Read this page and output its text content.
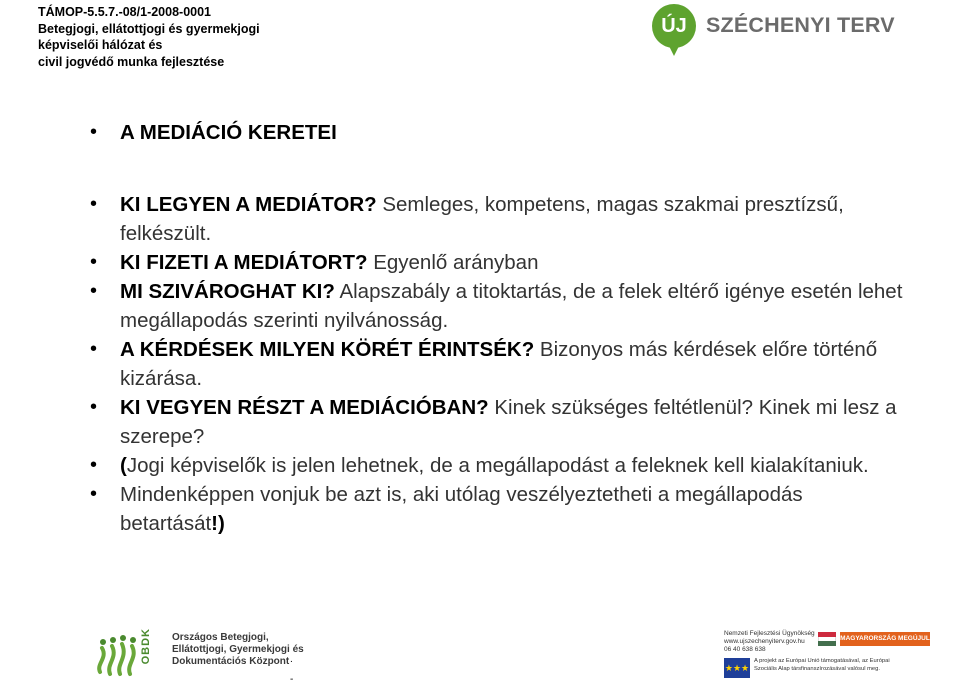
TÁMOP-5.5.7.-08/1-2008-0001
Betegjogi, ellátottjogi és gyermekjogi
képviselői hálózat és
civil jogvédő munka fejlesztése
ÚJ SZÉCHENYI TERV
• A MEDIÁCIÓ KERETEI
• KI LEGYEN A MEDIÁTOR? Semleges, kompetens, magas szakmai presztízsű, felkészült.
• KI FIZETI A MEDIÁTORT? Egyenlő arányban
• MI SZIVÁROGHAT KI? Alapszabály a titoktartás, de a felek eltérő igénye esetén lehet megállapodás szerinti nyilvánosság.
• A KÉRDÉSEK MILYEN KÖRÉT ÉRINTSÉK? Bizonyos más kérdések előre történő kizárása.
• KI VEGYEN RÉSZT A MEDIÁCIÓBAN? Kinek szükséges feltétlenül? Kinek mi lesz a szerepe?
• (Jogi képviselők is jelen lehetnek, de a megállapodást a feleknek kell kialakítaniuk.
• Mindenképpen vonjuk be azt is, aki utólag veszélyeztetheti a megállapodás betartását!)
OBDK Országos Betegjogi,
Ellátottjogi, Gyermekjogi és
Dokumentációs Központ .
-
Nemzeti Fejlesztési Ügynökség
www.ujszechenyiterv.gov.hu
06 40 638 638
MAGYARORSZÁG MEGÚJUL
★★★
A projekt az Európai Unió támogatásával, az Európai
Szociális Alap társfinanszírozásával valósul meg.
